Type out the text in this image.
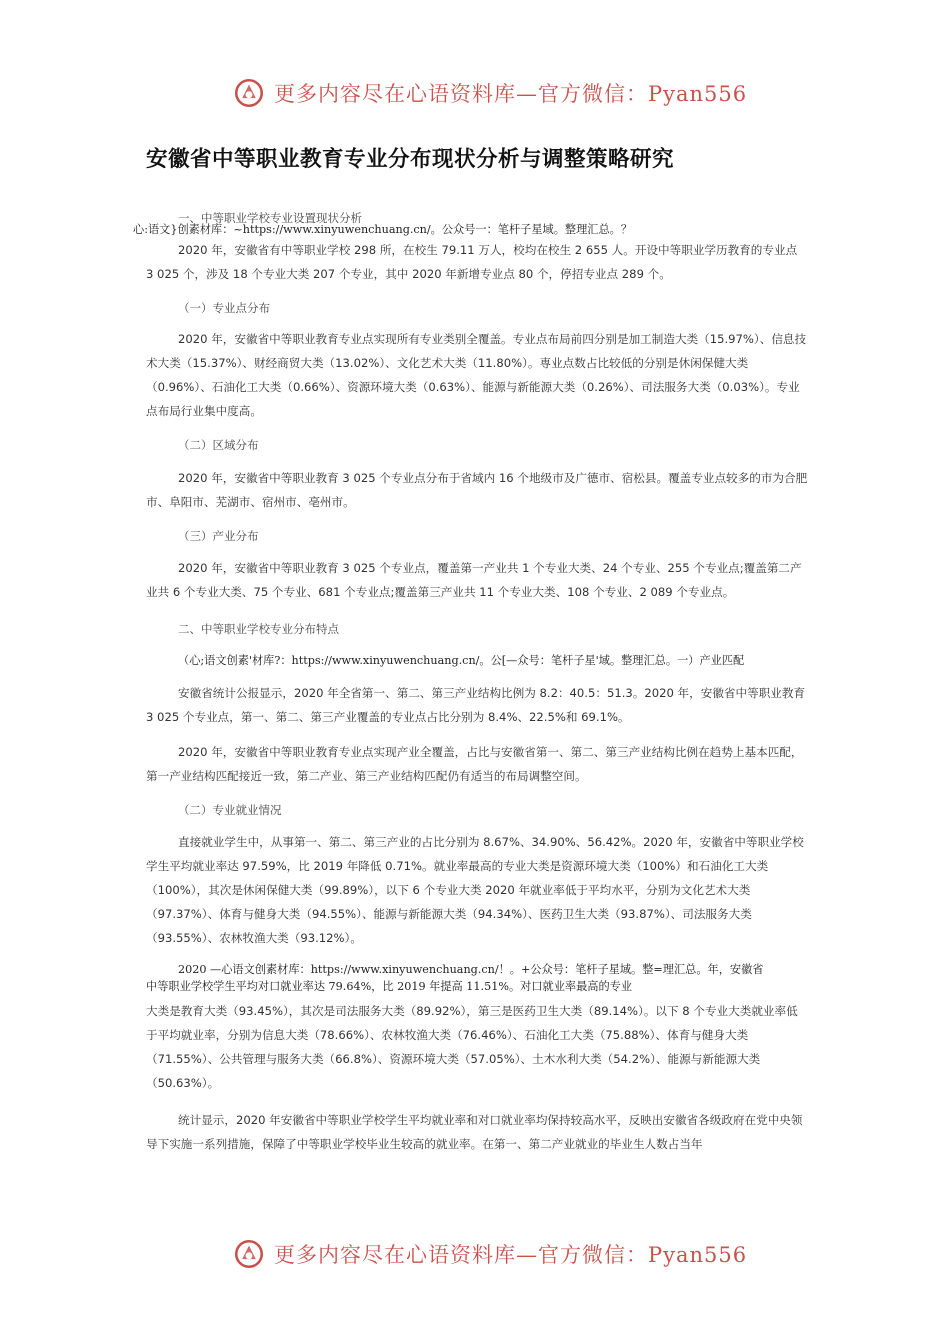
更多内容尽在心语资料库—官方微信：Pyan556
安徽省中等职业教育专业分布现状分析与调整策略研究
一、中等职业学校专业设置现状分析
心:语文}创素材库：~https://www.xinyuwenchuang.cn/。公众号一：笔杆子星域。整理汇总。？
2020 年，安徽省有中等职业学校 298 所，在校生 79.11 万人，校均在校生 2 655 人。开设中等职业学历教育的专业点 3 025 个，涉及 18 个专业大类 207 个专业，其中 2020 年新增专业点 80 个，停招专业点 289 个。
（一）专业点分布
2020 年，安徽省中等职业教育专业点实现所有专业类别全覆盖。专业点布局前四分别是加工制造大类（15.97%）、信息技术大类（15.37%）、财经商贸大类（13.02%）、文化艺术大类（11.80%）。専业点数占比较低的分别是休闲保健大类（0.96%）、石油化工大类（0.66%）、资源环境大类（0.63%）、能源与新能源大类（0.26%）、司法服务大类（0.03%）。专业点布局行业集中度高。
（二）区域分布
2020 年，安徽省中等职业教育 3 025 个专业点分布于省域内 16 个地级市及广德市、宿松县。覆盖专业点较多的市为合肥市、阜阳市、芜湖市、宿州市、亳州市。
（三）产业分布
2020 年，安徽省中等职业教育 3 025 个专业点，覆盖第一产业共 1 个专业大类、24 个专业、255 个专业点;覆盖第二产业共 6 个专业大类、75 个专业、681 个专业点;覆盖第三产业共 11 个专业大类、108 个专业、2 089 个专业点。
二、中等职业学校专业分布特点
（心;语文创素'材库?：https://www.xinyuwenchuang.cn/。公[—众号：笔杆子星'域。整理汇总。一）产业匹配
安徽省统计公报显示，2020 年全省第一、第二、第三产业结构比例为 8.2：40.5：51.3。2020 年，安徽省中等职业教育 3 025 个专业点，第一、第二、第三产业覆盖的专业点占比分别为 8.4%、22.5%和 69.1%。
2020 年，安徽省中等职业教育专业点实现产业全覆盖，占比与安徽省第一、第二、第三产业结构比例在趋势上基本匹配，第一产业结构匹配接近一致，第二产业、第三产业结构匹配仍有适当的布局调整空间。
（二）专业就业情况
直接就业学生中，从事第一、第二、第三产业的占比分别为 8.67%、34.90%、56.42%。2020 年，安徽省中等职业学校学生平均就业率达 97.59%，比 2019 年降低 0.71%。就业率最高的专业大类是资源环境大类（100%）和石油化工大类（100%），其次是休闲保健大类（99.89%），以下 6 个专业大类 2020 年就业率低于平均水平，分别为文化艺术大类（97.37%）、体育与健身大类（94.55%）、能源与新能源大类（94.34%）、医药卫生大类（93.87%）、司法服务大类（93.55%）、农林牧渔大类（93.12%）。
2020 —心语文创素材库：https://www.xinyuwenchuang.cn/！。+公众号：笔杆子星域。整=理汇总。年，安徽省
中等职业学校学生平均对口就业率达 79.64%，比 2019 年提高 11.51%。对口就业率最高的专业
大类是教育大类（93.45%），其次是司法服务大类（89.92%），第三是医药卫生大类（89.14%）。以下 8 个专业大类就业率低于平均就业率，分别为信息大类（78.66%）、农林牧渔大类（76.46%）、石油化工大类（75.88%）、体育与健身大类（71.55%）、公共管理与服务大类（66.8%）、资源环境大类（57.05%）、土木水利大类（54.2%）、能源与新能源大类（50.63%）。
统计显示，2020 年安徽省中等职业学校学生平均就业率和对口就业率均保持较高水平，反映出安徽省各级政府在党中央领导下实施一系列措施，保障了中等职业学校毕业生较高的就业率。在第一、第二产业就业的毕业生人数占当年
更多内容尽在心语资料库—官方微信：Pyan556
